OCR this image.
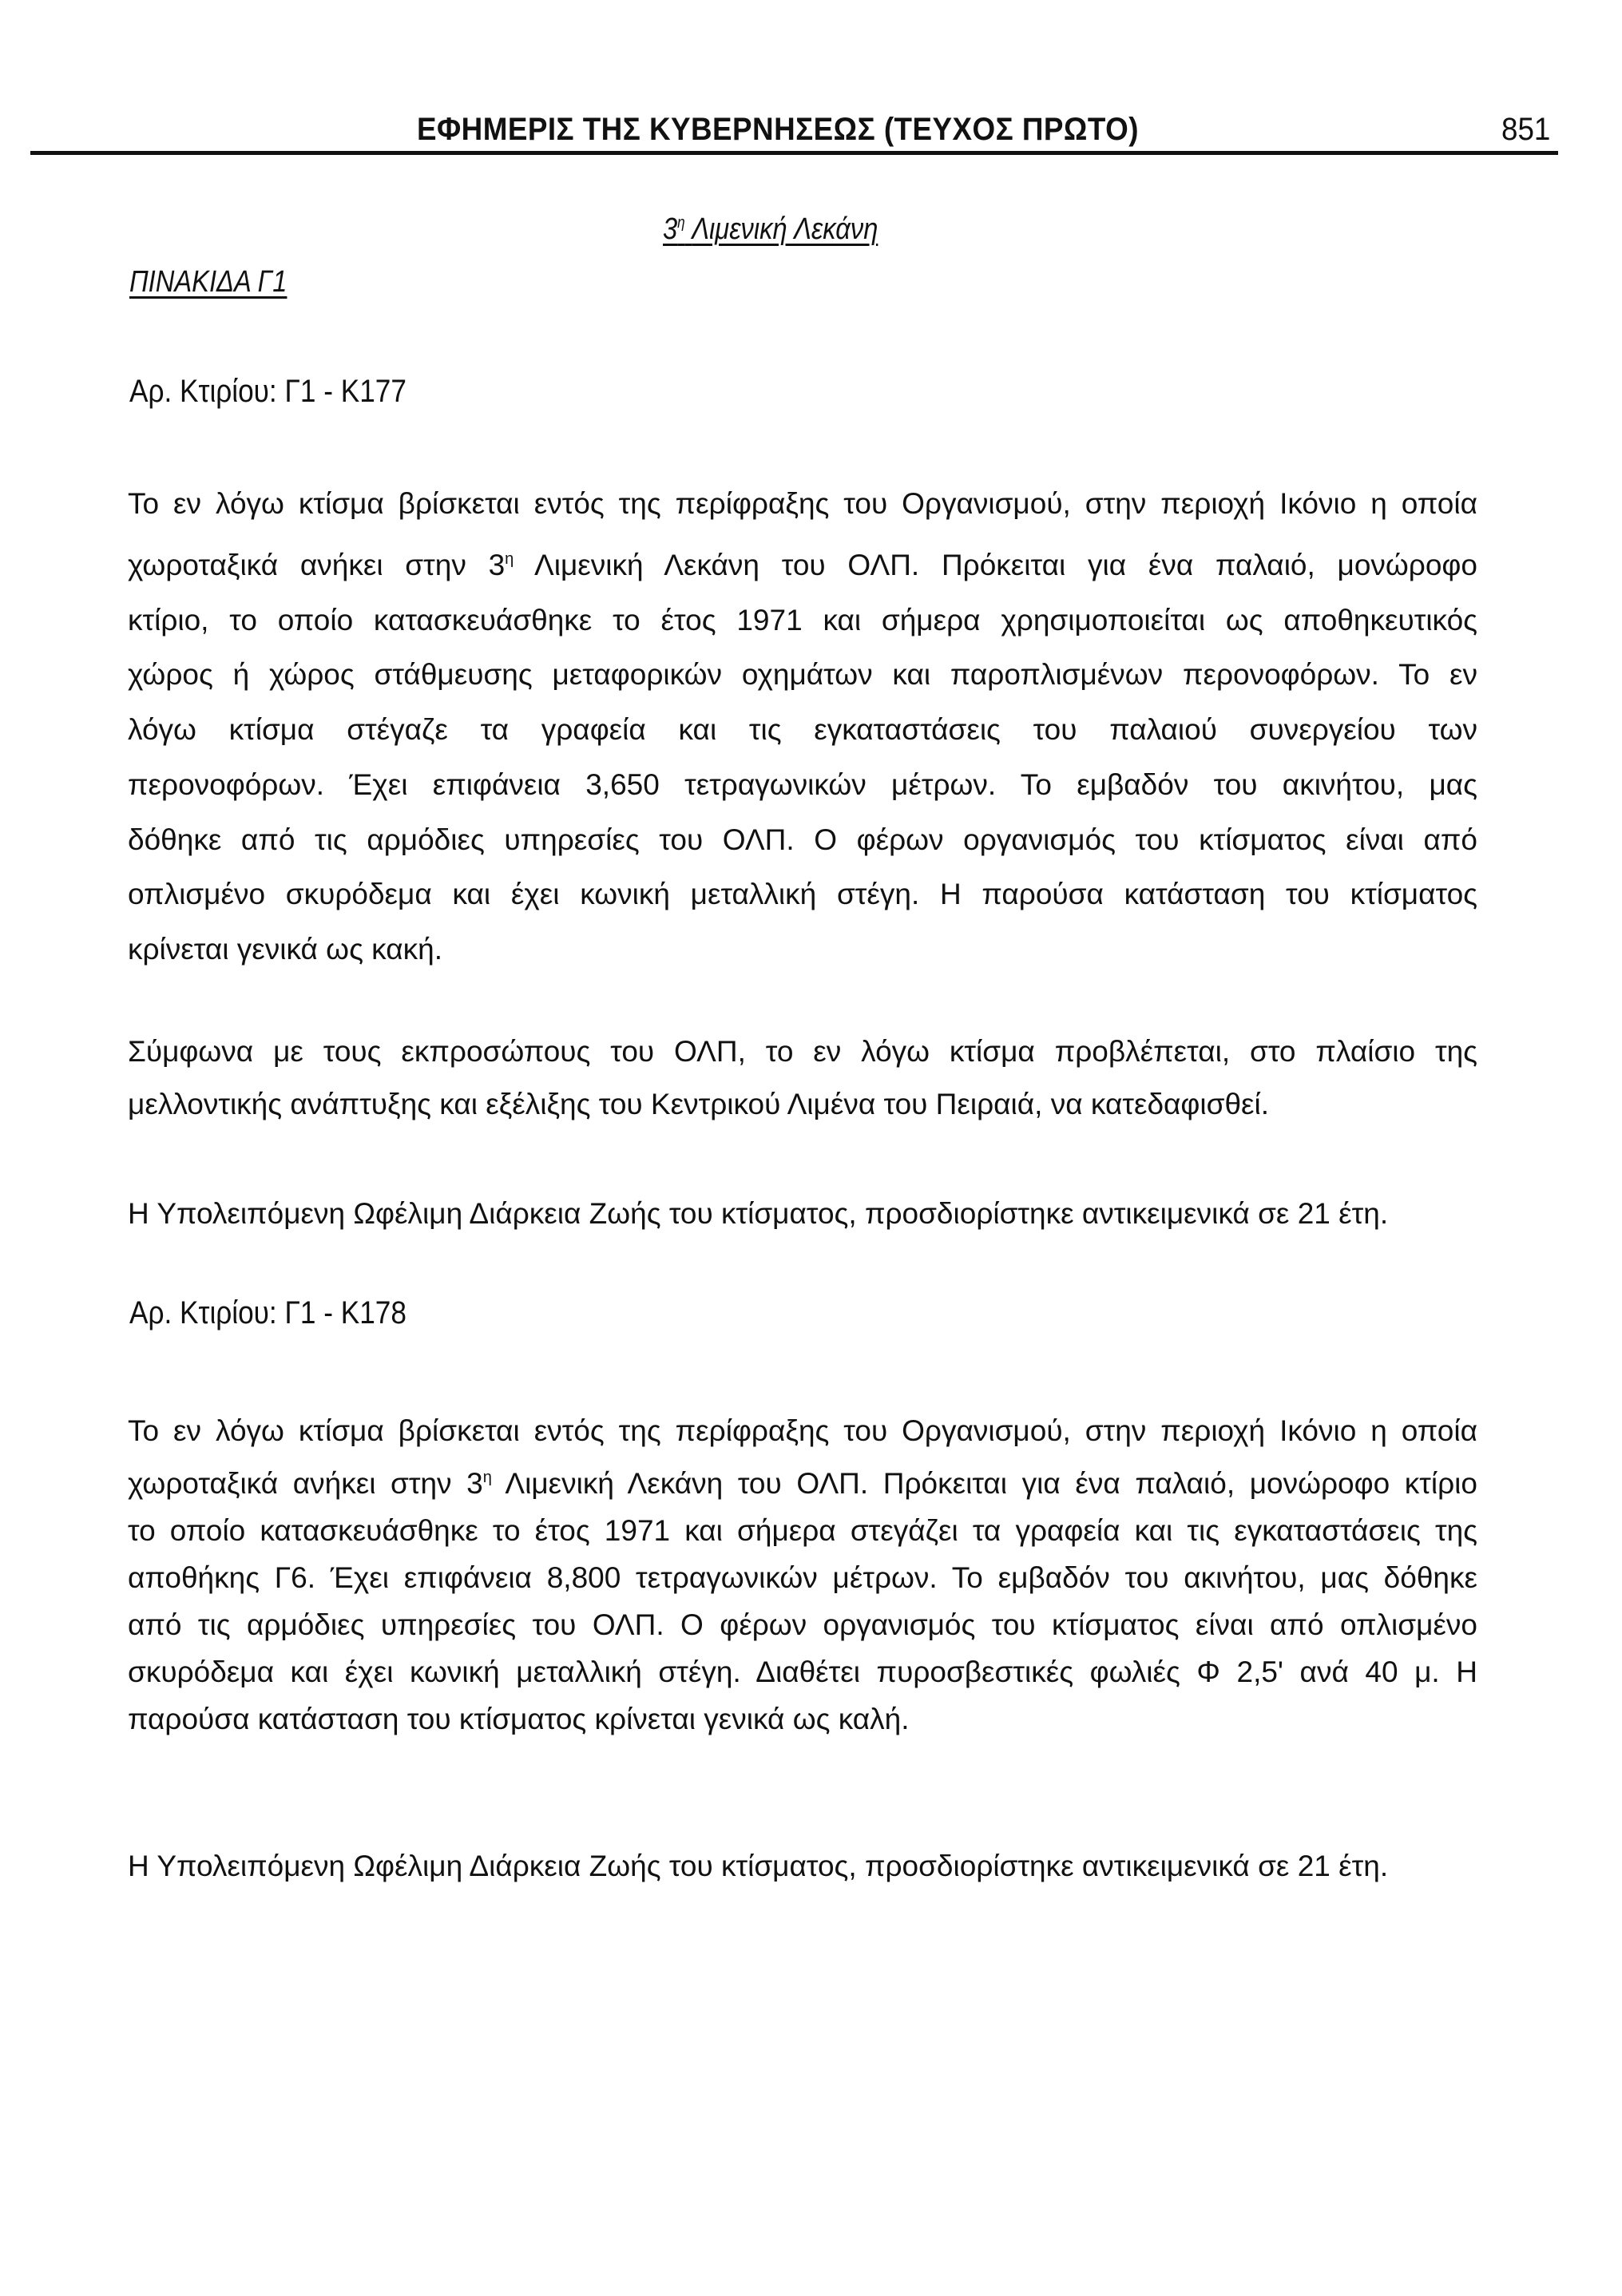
ΕΦΗΜΕΡΙΣ ΤΗΣ ΚΥΒΕΡΝΗΣΕΩΣ (ΤΕΥΧΟΣ ΠΡΩΤΟ)	851
$3^\eta$ Λιμενική Λεκάνη
ΠΙΝΑΚΙΔΑ Γ1
Αρ. Κτιρίου: Γ1 - Κ177
Το εν λόγω κτίσμα βρίσκεται εντός της περίφραξης του Οργανισμού, στην περιοχή Ικόνιο η οποία
χωροταξικά ανήκει στην $3^\eta$ Λιμενική Λεκάνη του ΟΛΠ. Πρόκειται για ένα παλαιό, μονώροφο
κτίριο, το οποίο κατασκευάσθηκε το έτος 1971 και σήμερα χρησιμοποιείται ως αποθηκευτικός
χώρος ή χώρος στάθμευσης μεταφορικών οχημάτων και παροπλισμένων περονοφόρων. Το εν
λόγω κτίσμα στέγαζε τα γραφεία και τις εγκαταστάσεις του παλαιού συνεργείου των
περονοφόρων. Έχει επιφάνεια 3,650 τετραγωνικών μέτρων. Το εμβαδόν του ακινήτου, μας
δόθηκε από τις αρμόδιες υπηρεσίες του ΟΛΠ. Ο φέρων οργανισμός του κτίσματος είναι από
οπλισμένο σκυρόδεμα και έχει κωνική μεταλλική στέγη. Η παρούσα κατάσταση του κτίσματος
κρίνεται γενικά ως κακή.
Σύμφωνα με τους εκπροσώπους του ΟΛΠ, το εν λόγω κτίσμα προβλέπεται, στο πλαίσιο της
μελλοντικής ανάπτυξης και εξέλιξης του Κεντρικού Λιμένα του Πειραιά, να κατεδαφισθεί.
Η Υπολειπόμενη Ωφέλιμη Διάρκεια Ζωής του κτίσματος, προσδιορίστηκε αντικειμενικά σε 21 έτη.
Αρ. Κτιρίου: Γ1 - Κ178
Το εν λόγω κτίσμα βρίσκεται εντός της περίφραξης του Οργανισμού, στην περιοχή Ικόνιο η οποία
χωροταξικά ανήκει στην $3^\eta$ Λιμενική Λεκάνη του ΟΛΠ. Πρόκειται για ένα παλαιό, μονώροφο κτίριο
το οποίο κατασκευάσθηκε το έτος 1971 και σήμερα στεγάζει τα γραφεία και τις εγκαταστάσεις της
αποθήκης Γ6. Έχει επιφάνεια 8,800 τετραγωνικών μέτρων. Το εμβαδόν του ακινήτου, μας δόθηκε
από τις αρμόδιες υπηρεσίες του ΟΛΠ. Ο φέρων οργανισμός του κτίσματος είναι από οπλισμένο
σκυρόδεμα και έχει κωνική μεταλλική στέγη. Διαθέτει πυροσβεστικές φωλιές Φ 2,5' ανά 40 μ. Η
παρούσα κατάσταση του κτίσματος κρίνεται γενικά ως καλή.
Η Υπολειπόμενη Ωφέλιμη Διάρκεια Ζωής του κτίσματος, προσδιορίστηκε αντικειμενικά σε 21 έτη.
